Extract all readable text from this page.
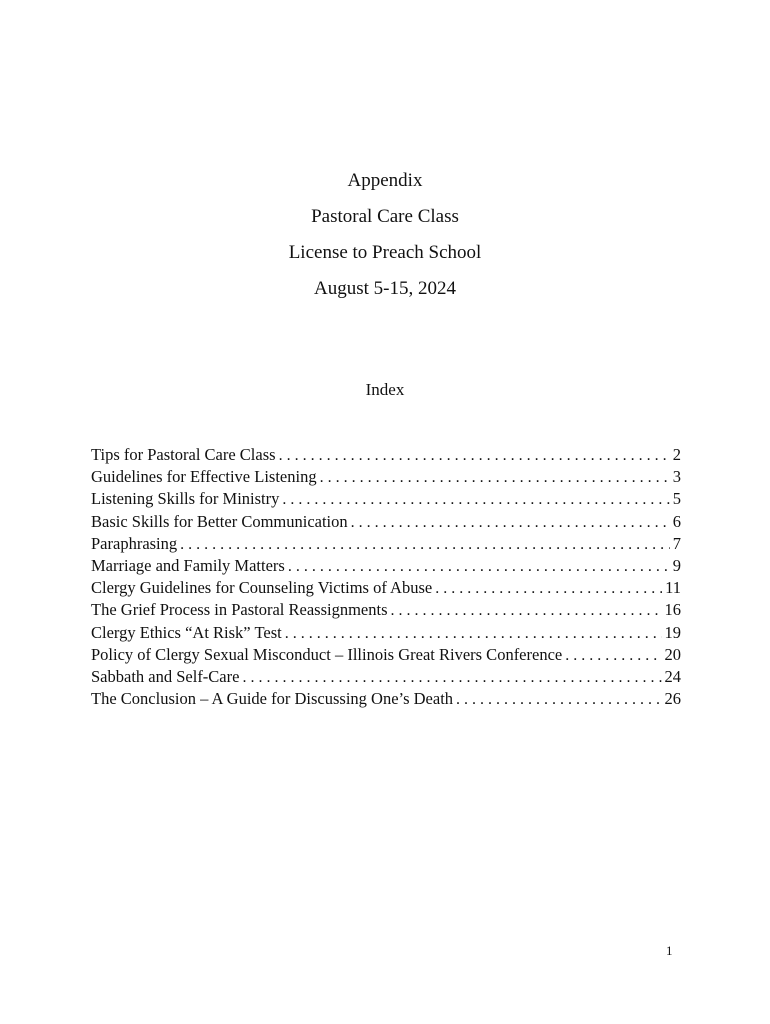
Appendix
Pastoral Care Class
License to Preach School
August 5-15, 2024
Index
Tips for Pastoral Care Class . . .	2
Guidelines for Effective Listening . . .	3
Listening Skills for Ministry . . .	5
Basic Skills for Better Communication . . .	6
Paraphrasing . . .	7
Marriage and Family Matters . . .	9
Clergy Guidelines for Counseling Victims of Abuse . . .	11
The Grief Process in Pastoral Reassignments . . .	16
Clergy Ethics “At Risk” Test . . .	19
Policy of Clergy Sexual Misconduct – Illinois Great Rivers Conference . . .	20
Sabbath and Self-Care . . .	24
The Conclusion – A Guide for Discussing One’s Death . . .	26
1
